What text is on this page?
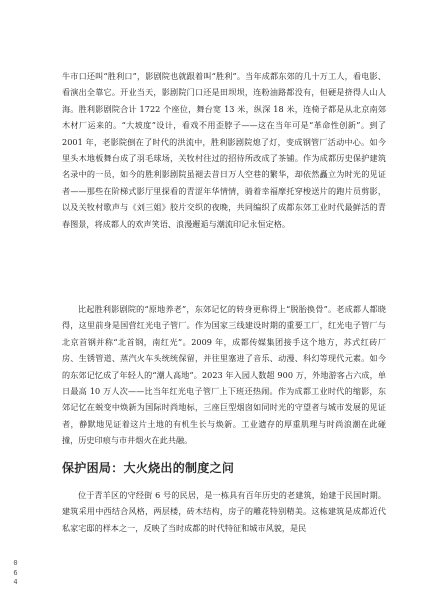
牛市口还叫“胜利口”，影剧院也就跟着叫“胜利”。当年成都东郊的几十万工人，看电影、看演出全靠它。开业当天，影剧院门口还是田坝坝，连粉油路都没有，但硬是挤得人山人海。胜利影剧院合计 1722 个座位，舞台宽 13 米，纵深 18 米，连椅子都是从北京南郊木材厂运来的。“大坡度”设计，看戏不用歪脖子——这在当年可是“革命性创新”。到了 2001 年，老影院倒在了时代的洪流中，胜利影剧院熄了灯，变成钢管厂活动中心。如今里头木地板舞台成了羽毛球场，关牧村往过的招待所改成了茶铺。作为成都历史保护建筑名录中的一员，如今的胜利影剧院虽褪去昔日万人空巷的繁华，却依然矗立为时光的见证者——那些在阶梯式影厅里探看的青涩年华情情，骑着幸福摩托穿梭送片的跑片员剪影，以及关牧村歌声与《刘三姐》胶片交织的夜晚，共同编织了成都东郊工业时代最鲜活的青春图景，将成都人的欢声笑语、浪漫邂逅与潮流印记永恒定格。

比起胜利影剧院的“原地养老”，东郊记忆的转身更称得上“脱胎换骨”。老成都人都晓得，这里前身是国营红光电子管厂。作为国家三线建设时期的重要工厂，红光电子管厂与北京首钢并称“北首钢，南红光”。2009 年，成都传媒集团接手这个地方，苏式红砖厂房、生锈管道、蒸汽火车头统统保留，并往里塞进了音乐、动漫、科幻等现代元素。如今的东郊记忆成了年轻人的“潮人高地”。2023 年入园人数超 900 万，外地游客占六成，单日最高 10 万人次——比当年红光电子管厂上下班还热闹。作为成都工业时代的缩影，东郊记忆在蜕变中焕新为国际时尚地标，三座巨型烟囱如同时光的守望者与城市发展的见证者，静默地见证着这片土地的有机生长与焕新。工业遗存的厚重肌理与时尚浪潮在此碰撞，历史印痕与市井烟火在此共融。

保护困局：大火烧出的制度之问

位于青羊区的守经街 6 号的民居，是一栋具有百年历史的老建筑，始建于民国时期。建筑采用中西结合风格，两层楼，砖木结构，房子的雕花特别精美。这栋建筑是成都近代私家宅邸的样本之一，反映了当时成都的时代特征和城市风貌，是民

0
6
4
